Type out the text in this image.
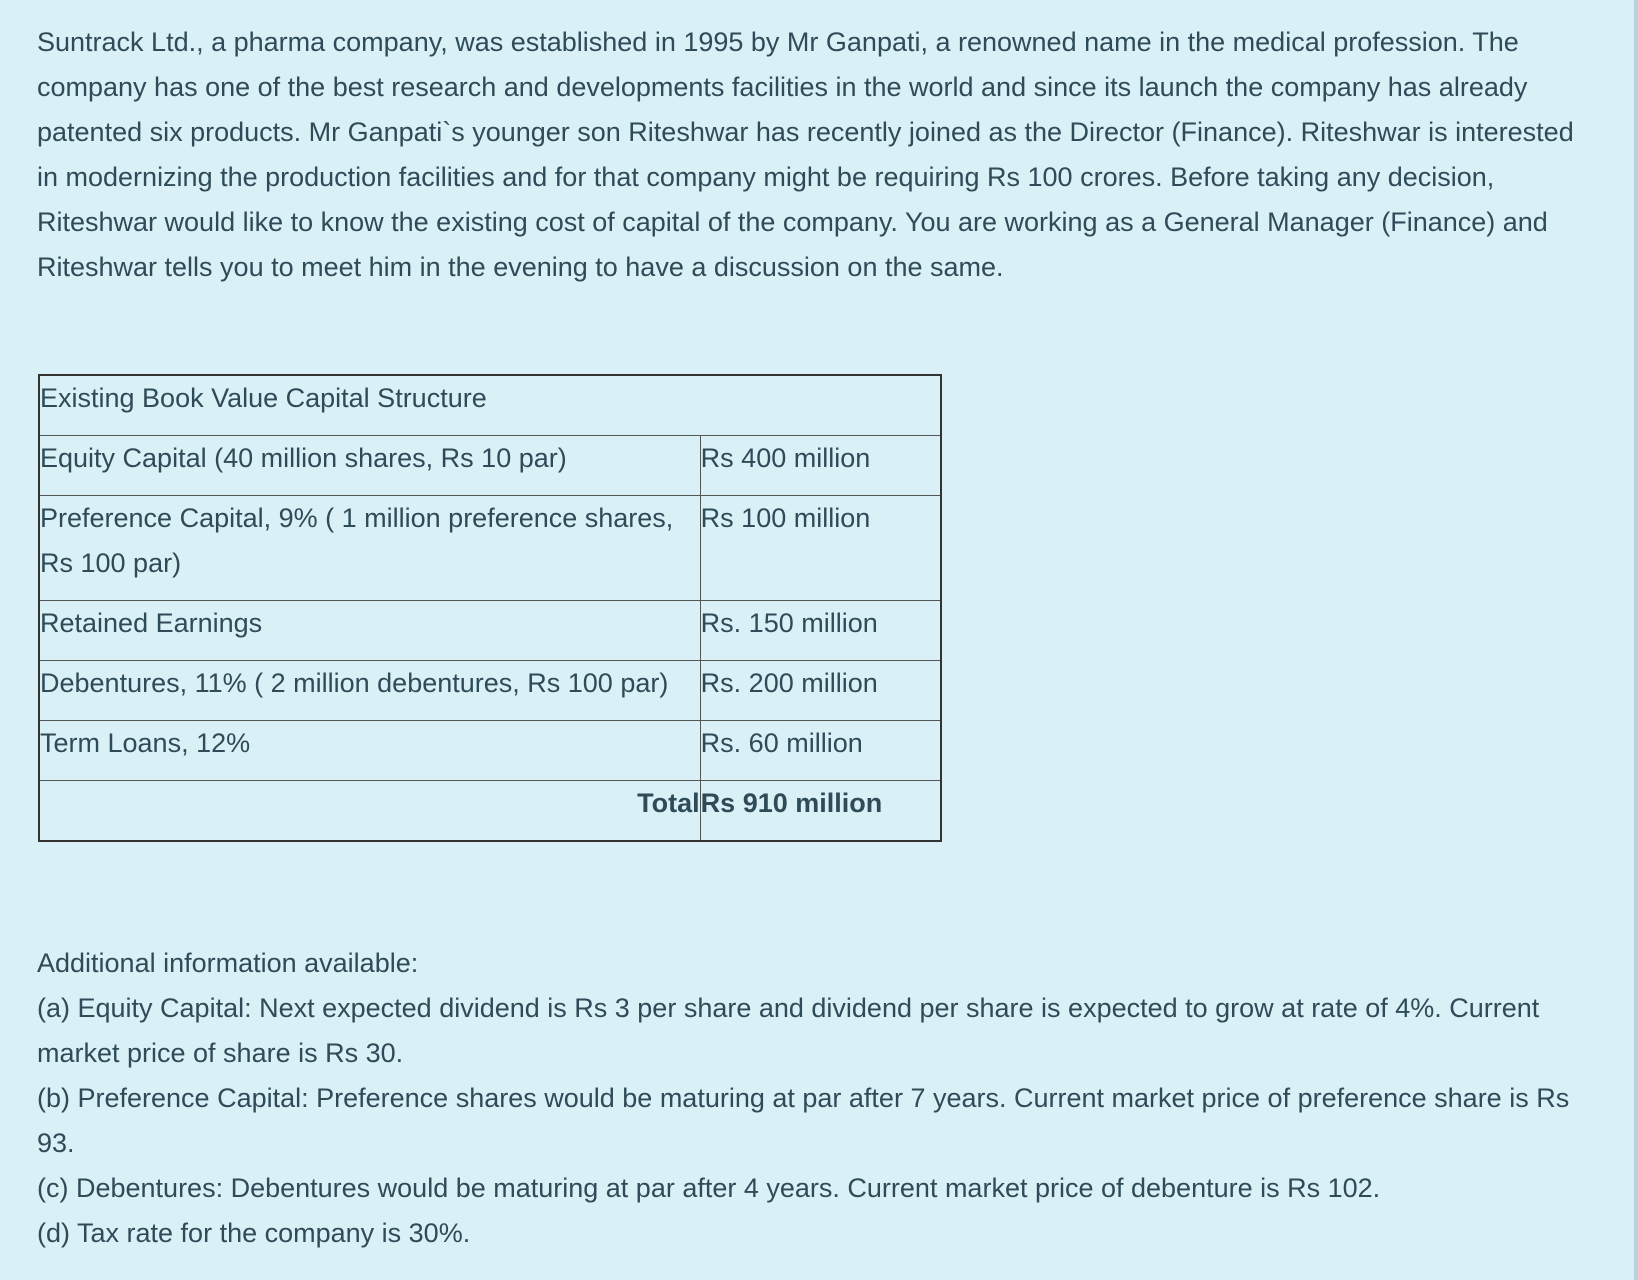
Suntrack Ltd., a pharma company, was established in 1995 by Mr Ganpati, a renowned name in the medical profession. The company has one of the best research and developments facilities in the world and since its launch the company has already patented six products. Mr Ganpati`s younger son Riteshwar has recently joined as the Director (Finance). Riteshwar is interested in modernizing the production facilities and for that company might be requiring Rs 100 crores. Before taking any decision, Riteshwar would like to know the existing cost of capital of the company. You are working as a General Manager (Finance) and Riteshwar tells you to meet him in the evening to have a discussion on the same.

Existing Book Value Capital Structure	
Equity Capital (40 million shares, Rs 10 par)	Rs 400 million
Preference Capital, 9% ( 1 million preference shares, Rs 100 par)	Rs 100 million
Retained Earnings	Rs. 150 million
Debentures, 11% ( 2 million debentures, Rs 100 par)	Rs. 200 million
Term Loans, 12%	Rs. 60 million
Total	Rs 910 million

Additional information available:

(a) Equity Capital: Next expected dividend is Rs 3 per share and dividend per share is expected to grow at rate of 4%. Current market price of share is Rs 30.

(b) Preference Capital: Preference shares would be maturing at par after 7 years. Current market price of preference share is Rs 93.

(c) Debentures: Debentures would be maturing at par after 4 years. Current market price of debenture is Rs 102.

(d) Tax rate for the company is 30%.
